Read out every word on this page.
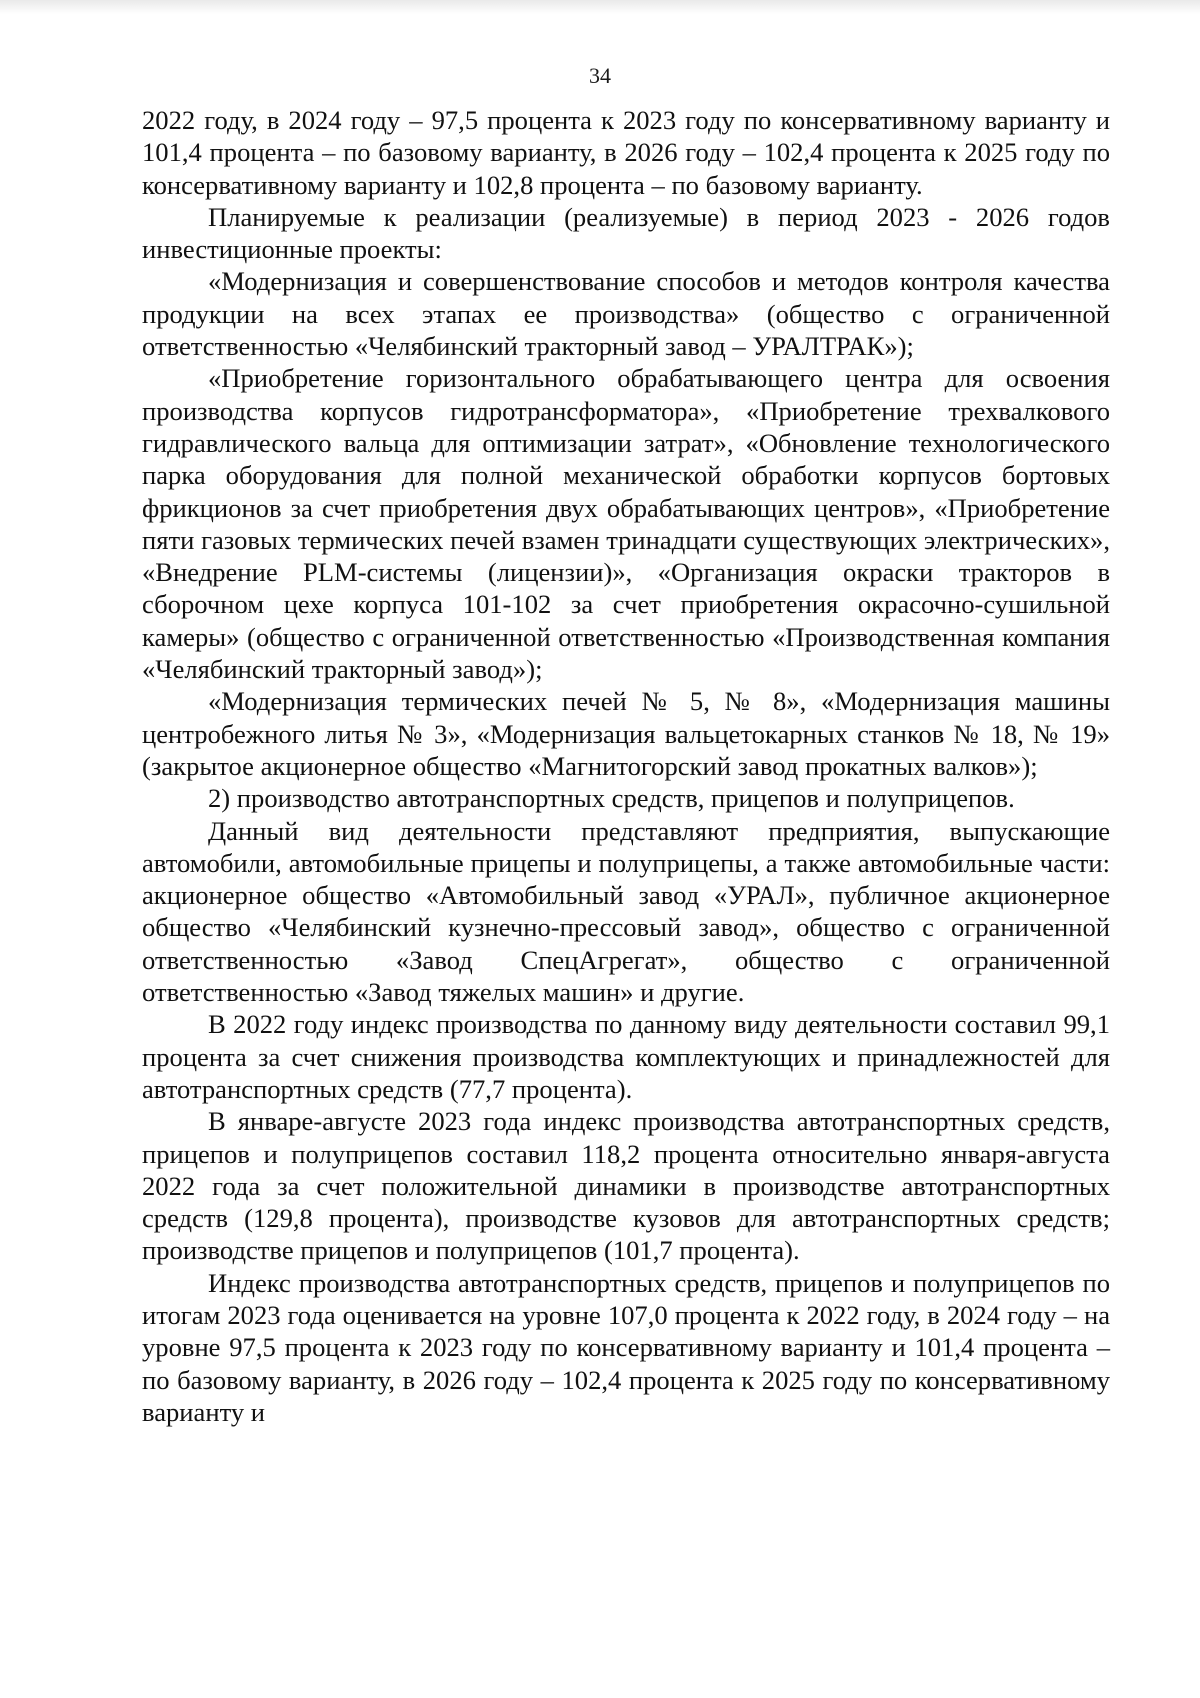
34

2022 году, в 2024 году – 97,5 процента к 2023 году по консервативному варианту и 101,4 процента – по базовому варианту, в 2026 году – 102,4 процента к 2025 году по консервативному варианту и 102,8 процента – по базовому варианту.

Планируемые к реализации (реализуемые) в период 2023 - 2026 годов инвестиционные проекты:

«Модернизация и совершенствование способов и методов контроля качества продукции на всех этапах ее производства» (общество с ограниченной ответственностью «Челябинский тракторный завод – УРАЛТРАК»);

«Приобретение горизонтального обрабатывающего центра для освоения производства корпусов гидротрансформатора», «Приобретение трехвалкового гидравлического вальца для оптимизации затрат», «Обновление технологического парка оборудования для полной механической обработки корпусов бортовых фрикционов за счет приобретения двух обрабатывающих центров», «Приобретение пяти газовых термических печей взамен тринадцати существующих электрических», «Внедрение PLM-системы (лицензии)», «Организация окраски тракторов в сборочном цехе корпуса 101-102 за счет приобретения окрасочно-сушильной камеры» (общество с ограниченной ответственностью «Производственная компания «Челябинский тракторный завод»);

«Модернизация термических печей № 5, № 8», «Модернизация машины центробежного литья № 3», «Модернизация вальцетокарных станков № 18, № 19» (закрытое акционерное общество «Магнитогорский завод прокатных валков»);

2) производство автотранспортных средств, прицепов и полуприцепов.

Данный вид деятельности представляют предприятия, выпускающие автомобили, автомобильные прицепы и полуприцепы, а также автомобильные части: акционерное общество «Автомобильный завод «УРАЛ», публичное акционерное общество «Челябинский кузнечно-прессовый завод», общество с ограниченной ответственностью «Завод СпецАгрегат», общество с ограниченной ответственностью «Завод тяжелых машин» и другие.

В 2022 году индекс производства по данному виду деятельности составил 99,1 процента за счет снижения производства комплектующих и принадлежностей для автотранспортных средств (77,7 процента).

В январе-августе 2023 года индекс производства автотранспортных средств, прицепов и полуприцепов составил 118,2 процента относительно января-августа 2022 года за счет положительной динамики в производстве автотранспортных средств (129,8 процента), производстве кузовов для автотранспортных средств; производстве прицепов и полуприцепов (101,7 процента).

Индекс производства автотранспортных средств, прицепов и полуприцепов по итогам 2023 года оценивается на уровне 107,0 процента к 2022 году, в 2024 году – на уровне 97,5 процента к 2023 году по консервативному варианту и 101,4 процента – по базовому варианту, в 2026 году – 102,4 процента к 2025 году по консервативному варианту и
